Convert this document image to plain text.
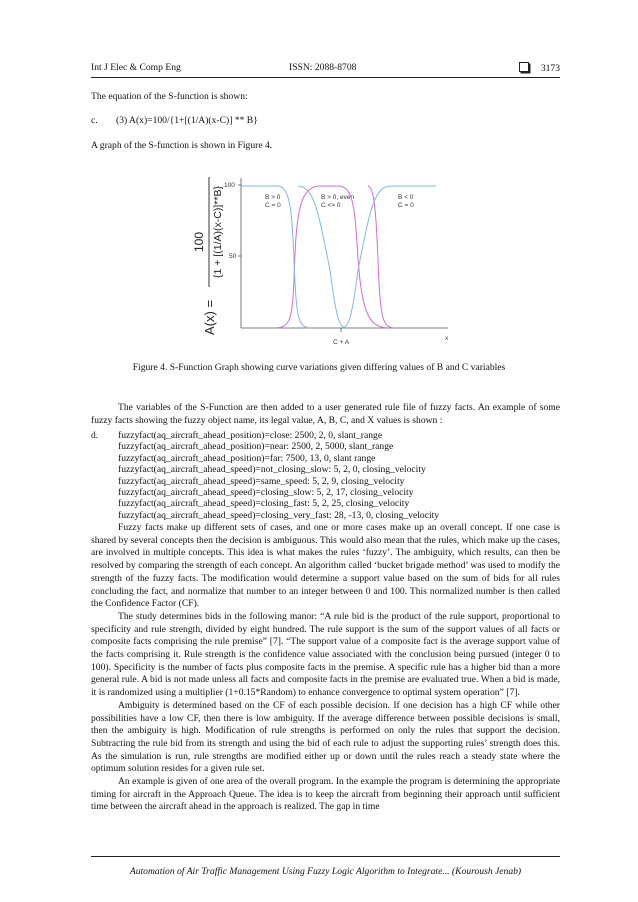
Int J Elec & Comp Eng	ISSN: 2088-8708	3173
The equation of the S-function is shown:
c. (3) A(x)=100/{1+[(1/A)(x-C)] ** B}
A graph of the S-function is shown in Figure 4.
A(x) =
100 {1 + [(1/A)(x-C)]**B}
100
50
C + A
x
B > 0
C = 0
B > 0, even
C <> 0
B < 0
C = 0
Figure 4. S-Function Graph showing curve variations given differing values of B and C variables

The variables of the S-Function are then added to a user generated rule file of fuzzy facts. An example of some fuzzy facts showing the fuzzy object name, its legal value, A, B, C, and X values is shown :

d. fuzzyfact(aq_aircraft_ahead_position)=close: 2500, 2, 0, slant_range
fuzzyfact(aq_aircraft_ahead_position)=near: 2500, 2, 5000, slant_range
fuzzyfact(aq_aircraft_ahead_position)=far: 7500, 13, 0, slant range
fuzzyfact(aq_aircraft_ahead_speed)=not_closing_slow: 5, 2, 0, closing_velocity
fuzzyfact(aq_aircraft_ahead_speed)=same_speed: 5, 2, 9, closing_velocity
fuzzyfact(aq_aircraft_ahead_speed)=closing_slow: 5, 2, 17, closing_velocity
fuzzyfact(aq_aircraft_ahead_speed)=closing_fast: 5, 2, 25, closing_velocity
fuzzyfact(aq_aircraft_ahead_speed)=closing_very_fast: 28, -13, 0, closing_velocity

Fuzzy facts make up different sets of cases, and one or more cases make up an overall concept. If one case is shared by several concepts then the decision is ambiguous. This would also mean that the rules, which make up the cases, are involved in multiple concepts. This idea is what makes the rules ‘fuzzy’. The ambiguity, which results, can then be resolved by comparing the strength of each concept. An algorithm called ‘bucket brigade method’ was used to modify the strength of the fuzzy facts. The modification would determine a support value based on the sum of bids for all rules concluding the fact, and normalize that number to an integer between 0 and 100. This normalized number is then called the Confidence Factor (CF).

The study determines bids in the following manor: “A rule bid is the product of the rule support, proportional to specificity and rule strength, divided by eight hundred. The rule support is the sum of the support values of all facts or composite facts comprising the rule premise” [7]. “The support value of a composite fact is the average support value of the facts comprising it. Rule strength is the confidence value associated with the conclusion being pursued (integer 0 to 100). Specificity is the number of facts plus composite facts in the premise. A specific rule has a higher bid than a more general rule. A bid is not made unless all facts and composite facts in the premise are evaluated true. When a bid is made, it is randomized using a multiplier (1+0.15*Random) to enhance convergence to optimal system operation” [7].

Ambiguity is determined based on the CF of each possible decision. If one decision has a high CF while other possibilities have a low CF, then there is low ambiguity. If the average difference between possible decisions is small, then the ambiguity is high. Modification of rule strengths is performed on only the rules that support the decision. Subtracting the rule bid from its strength and using the bid of each rule to adjust the supporting rules’ strength does this. As the simulation is run, rule strengths are modified either up or down until the rules reach a steady state where the optimum solution resides for a given rule set.

An example is given of one area of the overall program. In the example the program is determining the appropriate timing for aircraft in the Approach Queue. The idea is to keep the aircraft from beginning their approach until sufficient time between the aircraft ahead in the approach is realized. The gap in time

Automation of Air Traffic Management Using Fuzzy Logic Algorithm to Integrate... (Kouroush Jenab)
